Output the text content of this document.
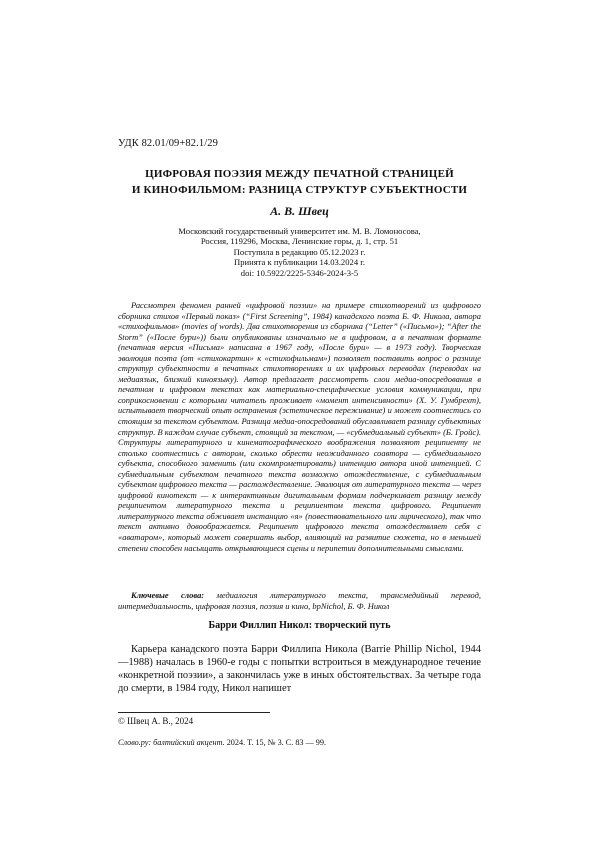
УДК 82.01/09+82.1/29
ЦИФРОВАЯ ПОЭЗИЯ МЕЖДУ ПЕЧАТНОЙ СТРАНИЦЕЙ
И КИНОФИЛЬМОМ: РАЗНИЦА СТРУКТУР СУБЪЕКТНОСТИ
А. В. Швец
Московский государственный университет им. М. В. Ломоносова,
Россия, 119296, Москва, Ленинские горы, д. 1, стр. 51
Поступила в редакцию 05.12.2023 г.
Принята к публикации 14.03.2024 г.
doi: 10.5922/2225-5346-2024-3-5

Рассмотрен феномен ранней «цифровой поэзии» на примере стихотворений из цифрового сборника стихов «Первый показ» (“First Screening”, 1984) канадского поэта Б. Ф. Никола, автора «стихофильмов» (movies of words). Два стихотворения из сборника (“Letter” («Письмо»); “After the Storm” («После бури»)) были опубликованы изначально не в цифровом, а в печатном формате (печатная версия «Письма» написана в 1967 году, «После бури» — в 1973 году). Творческая эволюция поэта (от «стихокартин» к «стихофильмам») позволяет поставить вопрос о разнице структур субъектности в печатных стихотворениях и их цифровых переводах (переводах на медиаязык, близкий киноязыку). Автор предлагает рассмотреть слои медиа-опосредования в печатном и цифровом текстах как материально-специфические условия коммуникации, при соприкосновении с которыми читатель проживает «момент интенсивности» (Х. У. Гумбрехт), испытывает творческий опыт остранения (эстетическое переживание) и может соотнестись со стоящим за текстом субъектом. Разница медиа-опосредований обуславливает разницу субъектных структур. В каждом случае субъект, стоящий за текстом, — «субмедиальный субъект» (Б. Гройс). Структуры литературного и кинематографического воображения позволяют реципиенту не столько соотнестись с автором, сколько обрести неожиданного соавтора — субмедиального субъекта, способного заменить (или скомпрометировать) интенцию автора иной интенцией. С субмедиальным субъектом печатного текста возможно отождествление, с субмедиальным субъектом цифрового текста — растождествление. Эволюция от литературного текста — через цифровой кинотекст — к интерактивным дигитальным формам подчеркивает разницу между реципиентом литературного текста и реципиентом текста цифрового. Реципиент литературного текста обживает инстанцию «я» (повествовательного или лирического), так что текст активно довоображается. Реципиент цифрового текста отождествляет себя с «аватаром», который может совершать выбор, влияющий на развитие сюжета, но в меньшей степени способен насыщать открывающиеся сцены и перипетии дополнительными смыслами.

Ключевые слова: медиалогия литературного текста, трансмедийный перевод, интермедиальность, цифровая поэзия, поэзия и кино, bpNichol, Б. Ф. Никол

Барри Филлип Никол: творческий путь

Карьера канадского поэта Барри Филлипа Никола (Barrie Phillip Nichol, 1944—1988) началась в 1960-е годы с попытки встроиться в международное течение «конкретной поэзии», а закончилась уже в иных обстоятельствах. За четыре года до смерти, в 1984 году, Никол напишет

© Швец А. В., 2024
Слово.ру: балтийский акцент. 2024. Т. 15, № 3. С. 83 — 99.
